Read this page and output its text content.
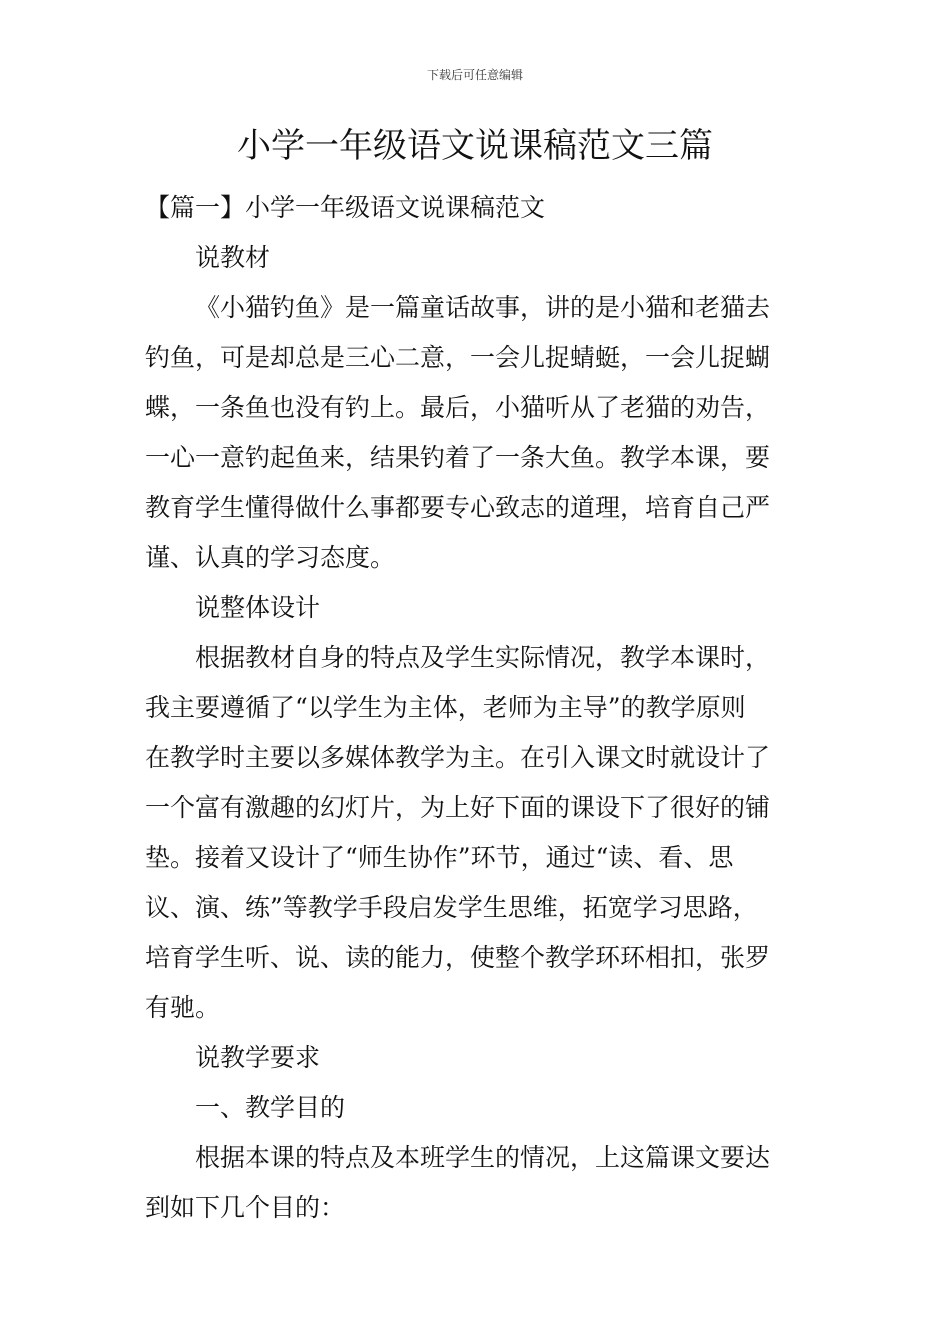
下载后可任意编辑
小学一年级语文说课稿范文三篇

【篇一】小学一年级语文说课稿范文

说教材

《小猫钓鱼》是一篇童话故事，讲的是小猫和老猫去

钓鱼，可是却总是三心二意，一会儿捉蜻蜓，一会儿捉蝴

蝶，一条鱼也没有钓上。最后，小猫听从了老猫的劝告，

一心一意钓起鱼来，结果钓着了一条大鱼。教学本课，要

教育学生懂得做什么事都要专心致志的道理，培育自己严

谨、认真的学习态度。

说整体设计

根据教材自身的特点及学生实际情况，教学本课时，

我主要遵循了“以学生为主体，老师为主导”的教学原则

在教学时主要以多媒体教学为主。在引入课文时就设计了

一个富有激趣的幻灯片，为上好下面的课设下了很好的铺

垫。接着又设计了“师生协作”环节，通过“读、看、思

议、演、练”等教学手段启发学生思维，拓宽学习思路，

培育学生听、说、读的能力，使整个教学环环相扣，张罗

有驰。

说教学要求

一、教学目的

根据本课的特点及本班学生的情况，上这篇课文要达

到如下几个目的：
